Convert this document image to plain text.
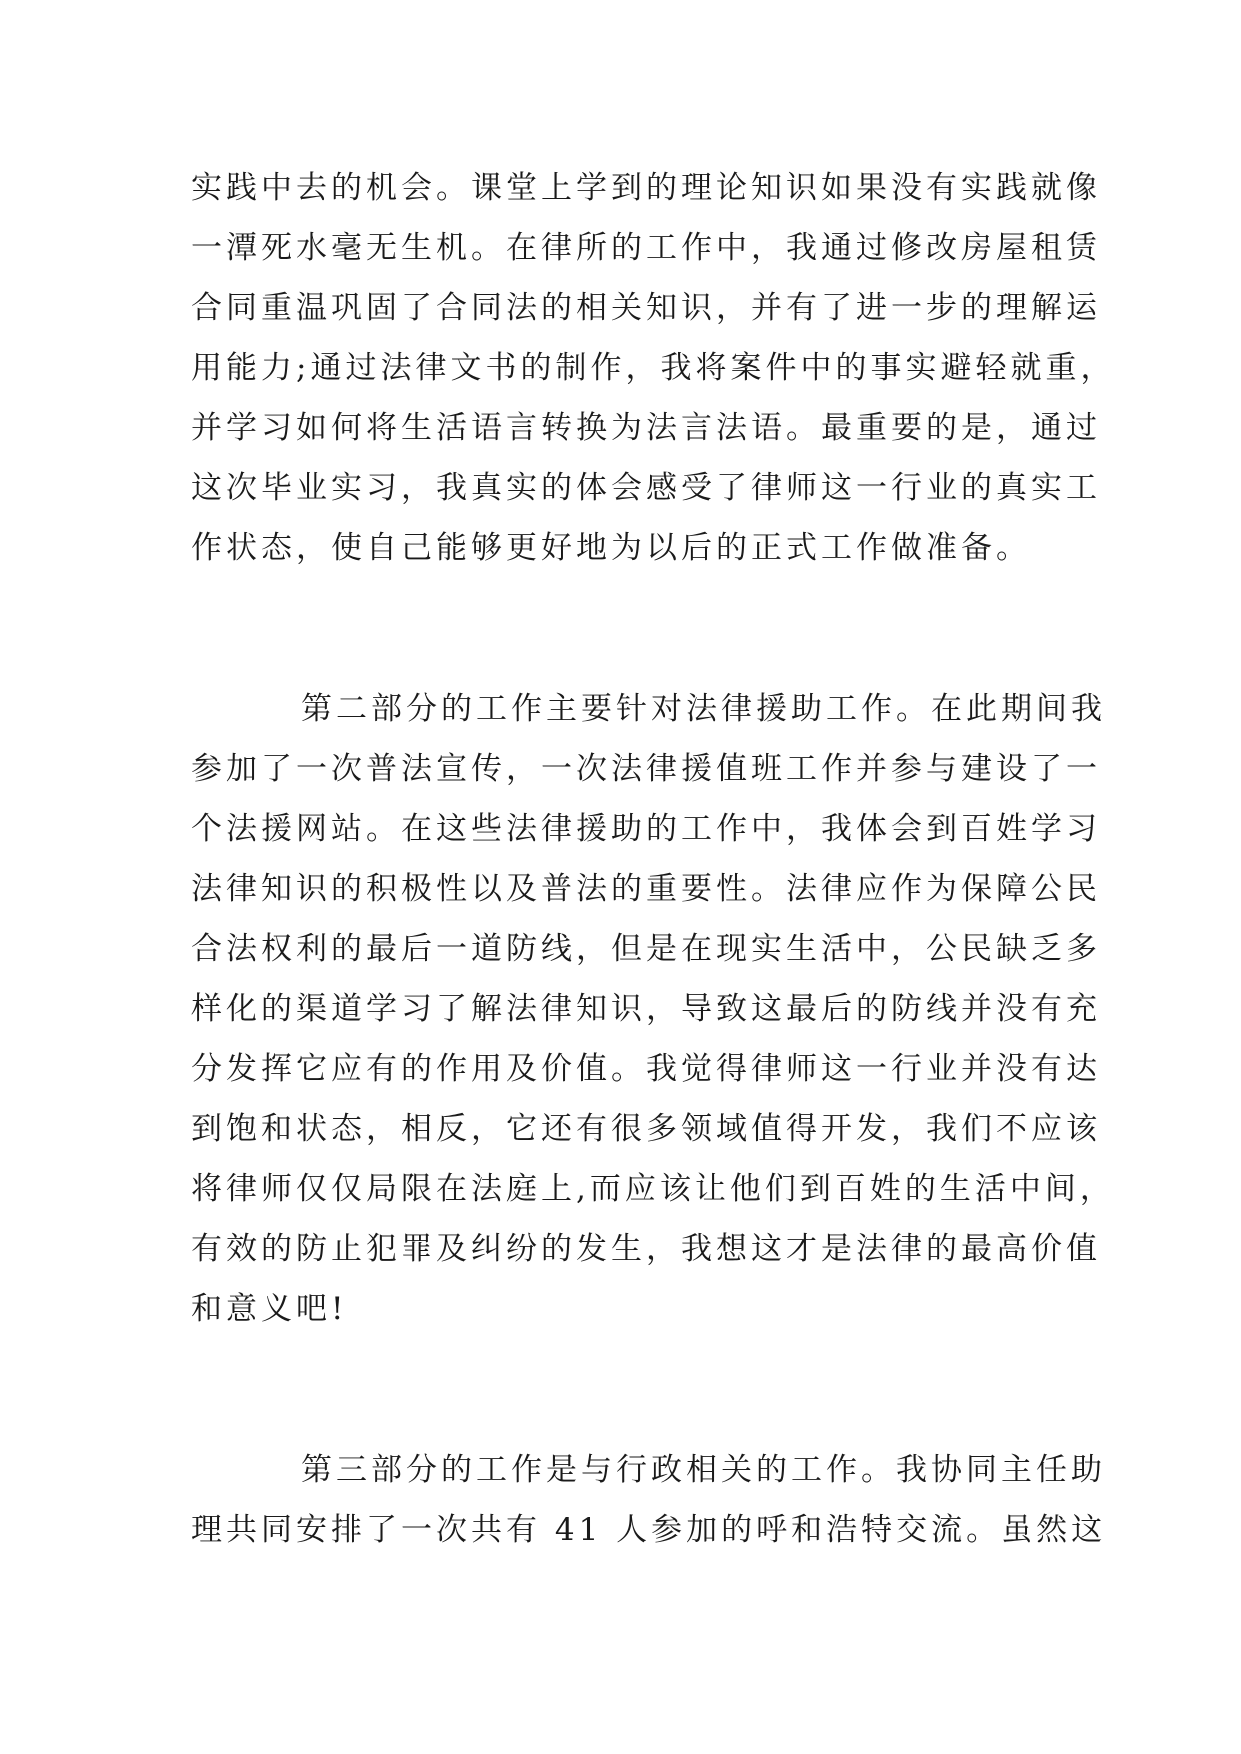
实践中去的机会。课堂上学到的理论知识如果没有实践就像
一潭死水毫无生机。在律所的工作中，我通过修改房屋租赁
合同重温巩固了合同法的相关知识，并有了进一步的理解运
用能力;通过法律文书的制作，我将案件中的事实避轻就重，
并学习如何将生活语言转换为法言法语。最重要的是，通过
这次毕业实习，我真实的体会感受了律师这一行业的真实工
作状态，使自己能够更好地为以后的正式工作做准备。
第二部分的工作主要针对法律援助工作。在此期间我
参加了一次普法宣传，一次法律援值班工作并参与建设了一
个法援网站。在这些法律援助的工作中，我体会到百姓学习
法律知识的积极性以及普法的重要性。法律应作为保障公民
合法权利的最后一道防线，但是在现实生活中，公民缺乏多
样化的渠道学习了解法律知识，导致这最后的防线并没有充
分发挥它应有的作用及价值。我觉得律师这一行业并没有达
到饱和状态，相反，它还有很多领域值得开发，我们不应该
将律师仅仅局限在法庭上,而应该让他们到百姓的生活中间，
有效的防止犯罪及纠纷的发生，我想这才是法律的最高价值
和意义吧!
第三部分的工作是与行政相关的工作。我协同主任助
理共同安排了一次共有 41 人参加的呼和浩特交流。虽然这
